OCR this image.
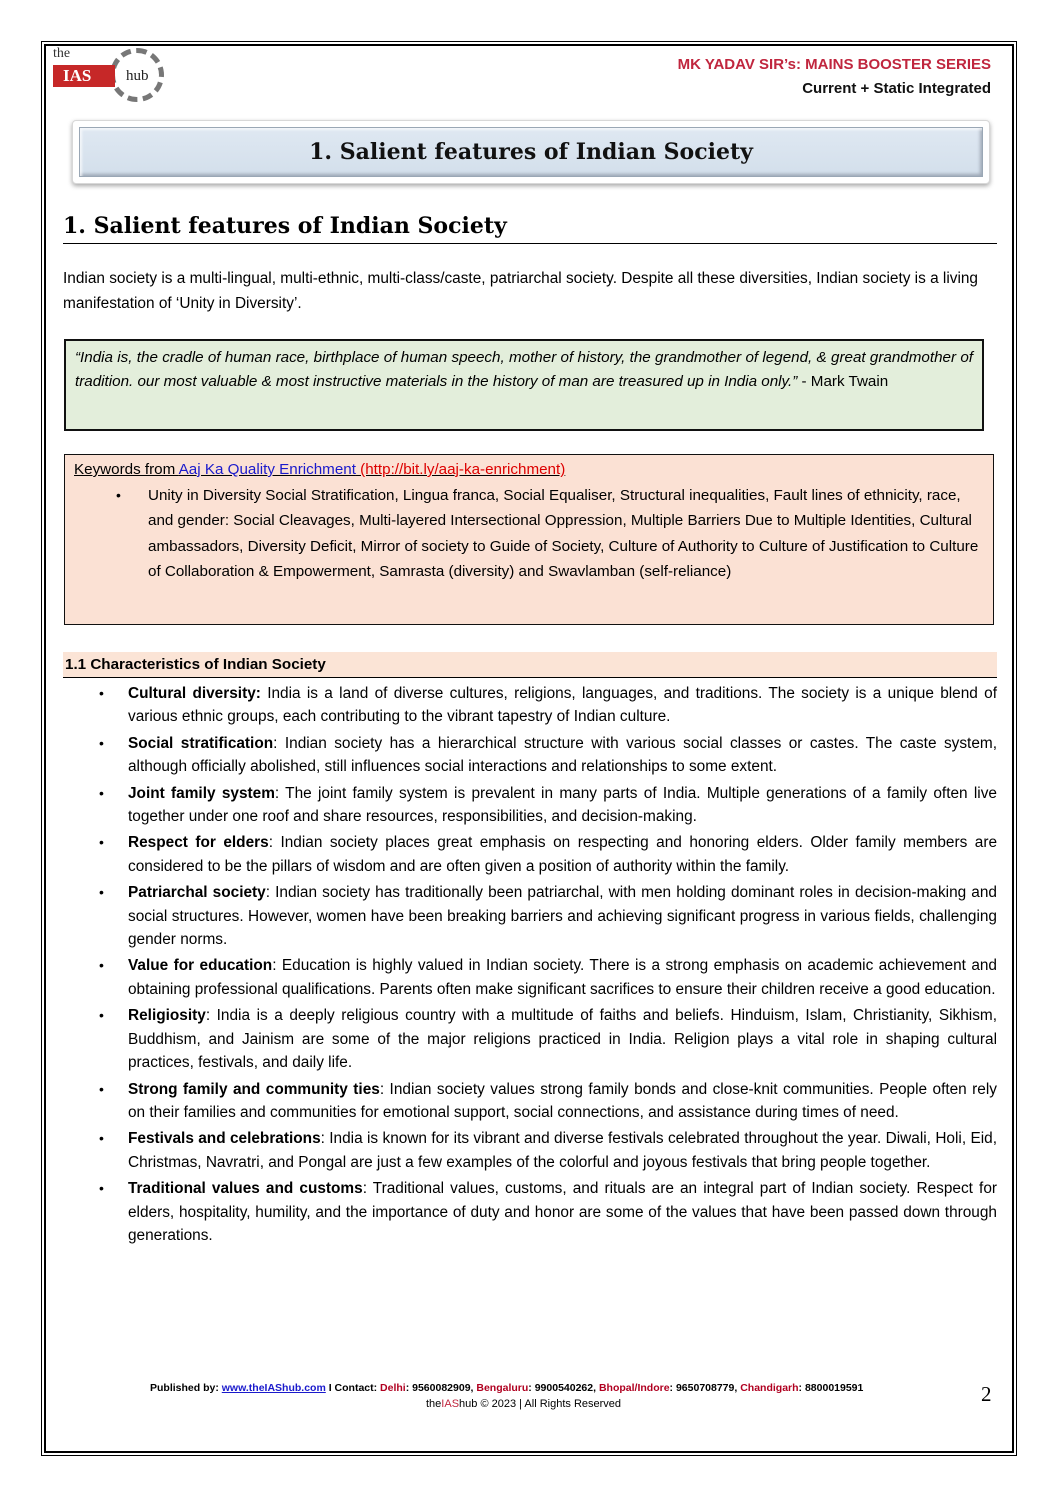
the
IAS	hub
MK YADAV SIR’s: MAINS BOOSTER SERIES
Current + Static Integrated
1. Salient features of Indian Society
1. Salient features of Indian Society

Indian society is a multi-lingual, multi-ethnic, multi-class/caste, patriarchal society. Despite all these diversities, Indian society is a living manifestation of ‘Unity in Diversity’.

“India is, the cradle of human race, birthplace of human speech, mother of history, the grandmother of legend, & great grandmother of tradition. our most valuable & most instructive materials in the history of man are treasured up in India only.” - Mark Twain
Keywords from Aaj Ka Quality Enrichment (http://bit.ly/aaj-ka-enrichment)
• Unity in Diversity Social Stratification, Lingua franca, Social Equaliser, Structural inequalities, Fault lines of ethnicity, race, and gender: Social Cleavages, Multi-layered Intersectional Oppression, Multiple Barriers Due to Multiple Identities, Cultural ambassadors, Diversity Deficit, Mirror of society to Guide of Society, Culture of Authority to Culture of Justification to Culture of Collaboration & Empowerment, Samrasta (diversity) and Swavlamban (self-reliance)
1.1 Characteristics of Indian Society
• Cultural diversity: India is a land of diverse cultures, religions, languages, and traditions. The society is a unique blend of various ethnic groups, each contributing to the vibrant tapestry of Indian culture.
• Social stratification: Indian society has a hierarchical structure with various social classes or castes. The caste system, although officially abolished, still influences social interactions and relationships to some extent.
• Joint family system: The joint family system is prevalent in many parts of India. Multiple generations of a family often live together under one roof and share resources, responsibilities, and decision-making.
• Respect for elders: Indian society places great emphasis on respecting and honoring elders. Older family members are considered to be the pillars of wisdom and are often given a position of authority within the family.
• Patriarchal society: Indian society has traditionally been patriarchal, with men holding dominant roles in decision-making and social structures. However, women have been breaking barriers and achieving significant progress in various fields, challenging gender norms.
• Value for education: Education is highly valued in Indian society. There is a strong emphasis on academic achievement and obtaining professional qualifications. Parents often make significant sacrifices to ensure their children receive a good education.
• Religiosity: India is a deeply religious country with a multitude of faiths and beliefs. Hinduism, Islam, Christianity, Sikhism, Buddhism, and Jainism are some of the major religions practiced in India. Religion plays a vital role in shaping cultural practices, festivals, and daily life.
• Strong family and community ties: Indian society values strong family bonds and close-knit communities. People often rely on their families and communities for emotional support, social connections, and assistance during times of need.
• Festivals and celebrations: India is known for its vibrant and diverse festivals celebrated throughout the year. Diwali, Holi, Eid, Christmas, Navratri, and Pongal are just a few examples of the colorful and joyous festivals that bring people together.
• Traditional values and customs: Traditional values, customs, and rituals are an integral part of Indian society. Respect for elders, hospitality, humility, and the importance of duty and honor are some of the values that have been passed down through generations.
Published by: www.theIAShub.com I Contact: Delhi: 9560082909, Bengaluru: 9900540262, Bhopal/Indore: 9650708779, Chandigarh: 8800019591
theIAShub © 2023 | All Rights Reserved	2
